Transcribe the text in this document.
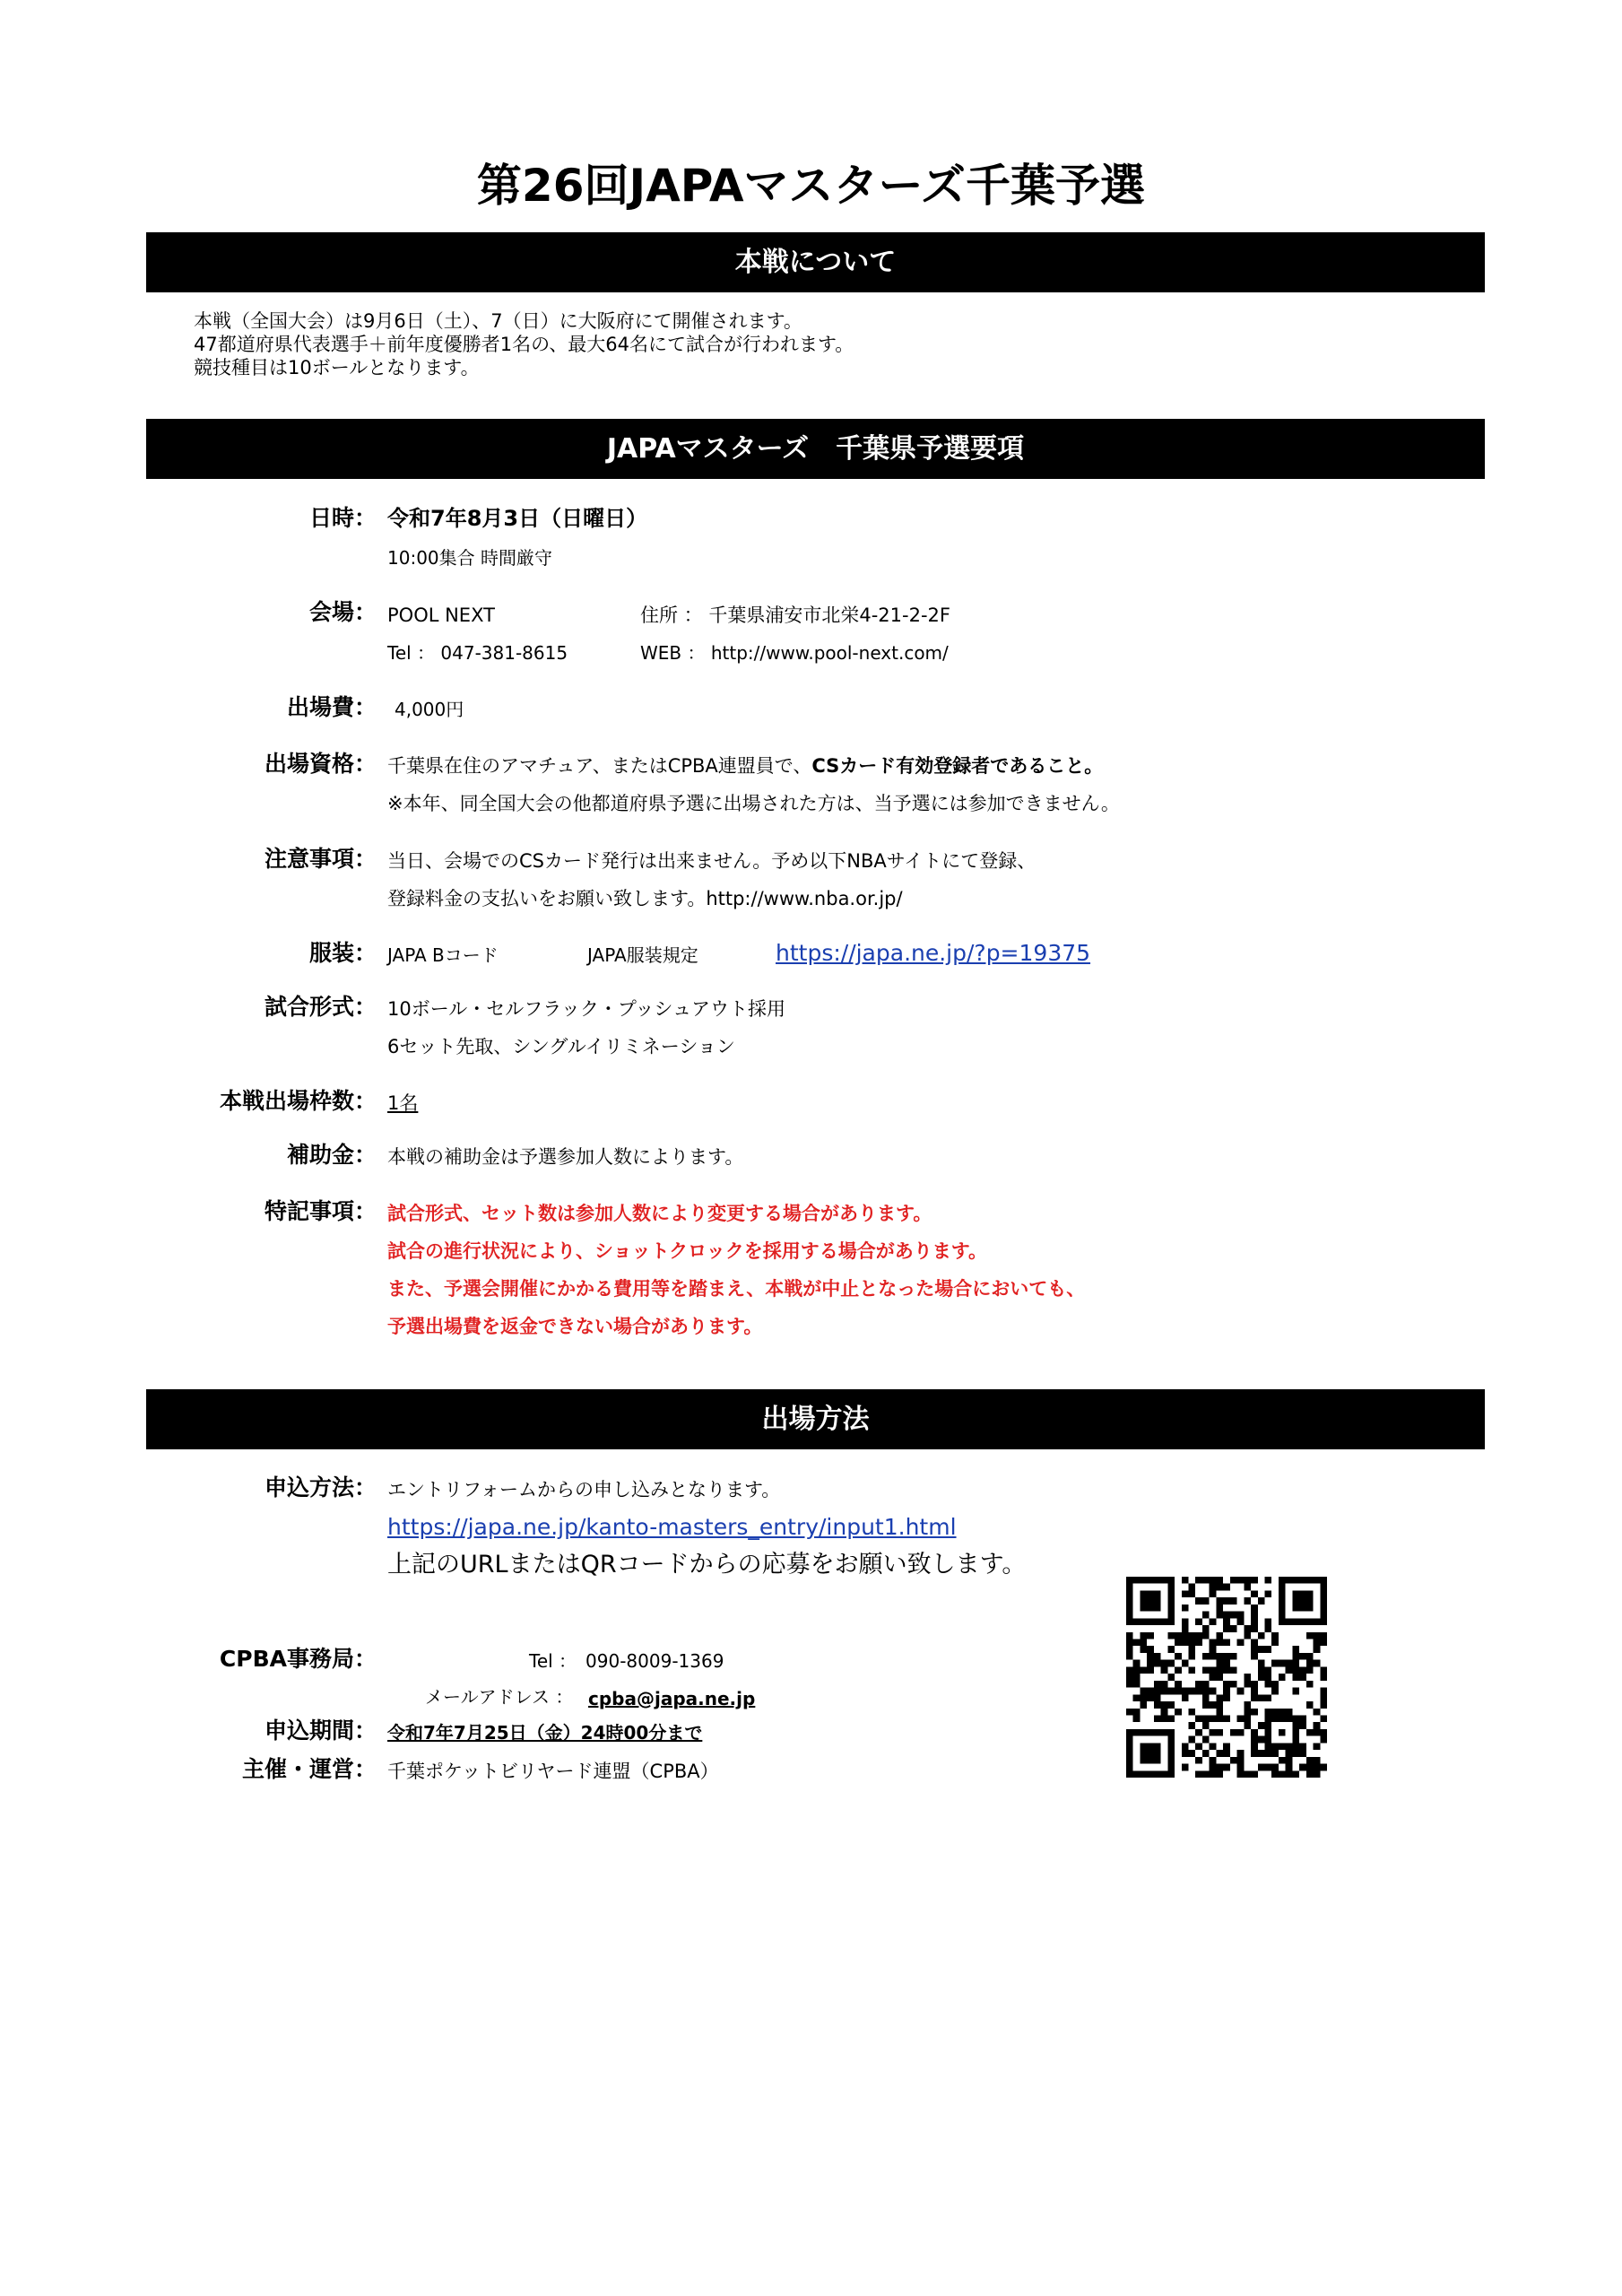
第26回JAPAマスターズ千葉予選
本戦について
本戦（全国大会）は9月6日（土）、7（日）に大阪府にて開催されます。
47都道府県代表選手＋前年度優勝者1名の、最大64名にて試合が行われます。
競技種目は10ボールとなります。
JAPAマスターズ　千葉県予選要項
日時： 令和7年8月3日（日曜日）
10:00集合 時間厳守
会場： POOL NEXT	住所 ： 千葉県浦安市北栄4-21-2-2F
Tel ： 047-381-8615	WEB ： http://www.pool-next.com/
出場費： 4,000円
出場資格： 千葉県在住のアマチュア、またはCPBA連盟員で、CSカード有効登録者であること。
※本年、同全国大会の他都道府県予選に出場された方は、当予選には参加できません。
注意事項： 当日、会場でのCSカード発行は出来ません。予め以下NBAサイトにて登録、
登録料金の支払いをお願い致します。http://www.nba.or.jp/
服装： JAPA Bコード	JAPA服装規定	https://japa.ne.jp/?p=19375
試合形式： 10ボール・セルフラック・プッシュアウト採用
6セット先取、シングルイリミネーション
本戦出場枠数： 1名
補助金： 本戦の補助金は予選参加人数によります。
特記事項： 試合形式、セット数は参加人数により変更する場合があります。
試合の進行状況により、ショットクロックを採用する場合があります。
また、予選会開催にかかる費用等を踏まえ、本戦が中止となった場合においても、
予選出場費を返金できない場合があります。
出場方法
申込方法： エントリフォームからの申し込みとなります。
https://japa.ne.jp/kanto-masters_entry/input1.html
上記のURLまたはQRコードからの応募をお願い致します。
CPBA事務局：	Tel ：　090-8009-1369
メールアドレス ： cpba@japa.ne.jp
申込期間： 令和7年7月25日（金）24時00分まで
主催・運営： 千葉ポケットビリヤード連盟（CPBA）
